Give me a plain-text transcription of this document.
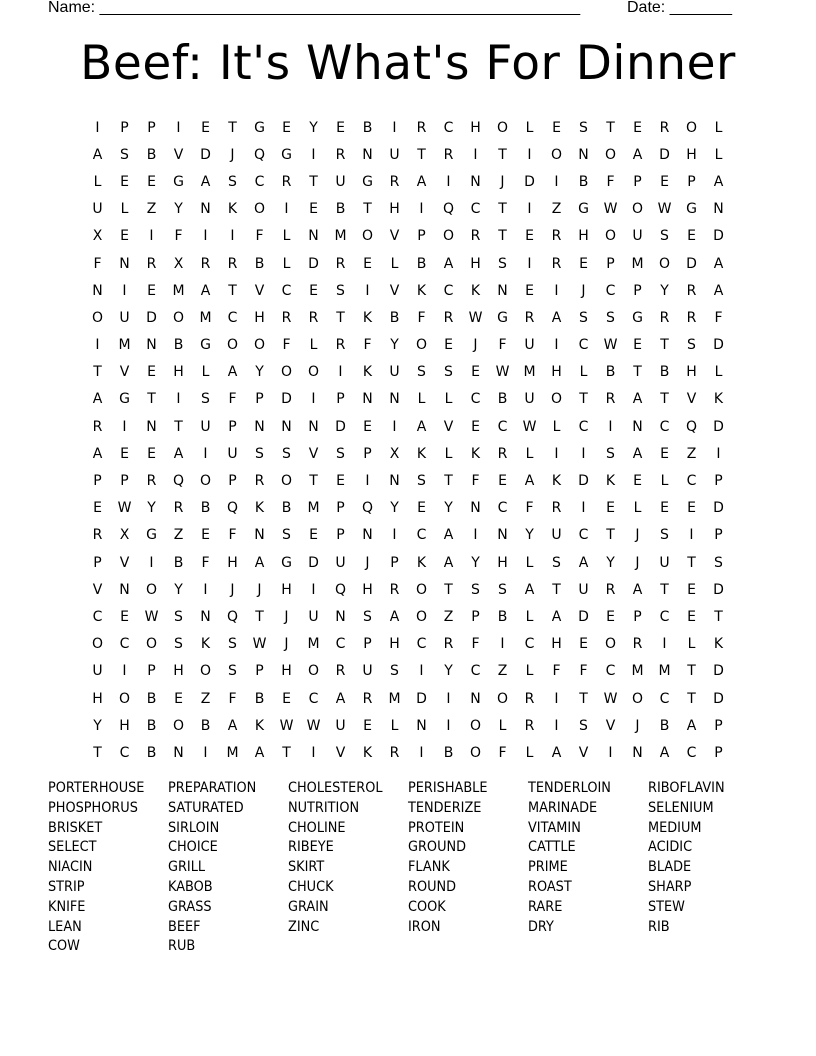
Name: ______________________________________________________	Date: _______
Beef: It's What's For Dinner
I	P	P	I	E	T	G	E	Y	E	B	I	R	C	H	O	L	E	S	T	E	R	O	L
A	S	B	V	D	J	Q	G	I	R	N	U	T	R	I	T	I	O	N	O	A	D	H	L
L	E	E	G	A	S	C	R	T	U	G	R	A	I	N	J	D	I	B	F	P	E	P	A
U	L	Z	Y	N	K	O	I	E	B	T	H	I	Q	C	T	I	Z	G	W	O	W	G	N
X	E	I	F	I	I	F	L	N	M	O	V	P	O	R	T	E	R	H	O	U	S	E	D
F	N	R	X	R	R	B	L	D	R	E	L	B	A	H	S	I	R	E	P	M	O	D	A
N	I	E	M	A	T	V	C	E	S	I	V	K	C	K	N	E	I	J	C	P	Y	R	A
O	U	D	O	M	C	H	R	R	T	K	B	F	R	W	G	R	A	S	S	G	R	R	F
I	M	N	B	G	O	O	F	L	R	F	Y	O	E	J	F	U	I	C	W	E	T	S	D
T	V	E	H	L	A	Y	O	O	I	K	U	S	S	E	W	M	H	L	B	T	B	H	L
A	G	T	I	S	F	P	D	I	P	N	N	L	L	C	B	U	O	T	R	A	T	V	K
R	I	N	T	U	P	N	N	N	D	E	I	A	V	E	C	W	L	C	I	N	C	Q	D
A	E	E	A	I	U	S	S	V	S	P	X	K	L	K	R	L	I	I	S	A	E	Z	I
P	P	R	Q	O	P	R	O	T	E	I	N	S	T	F	E	A	K	D	K	E	L	C	P
E	W	Y	R	B	Q	K	B	M	P	Q	Y	E	Y	N	C	F	R	I	E	L	E	E	D
R	X	G	Z	E	F	N	S	E	P	N	I	C	A	I	N	Y	U	C	T	J	S	I	P
P	V	I	B	F	H	A	G	D	U	J	P	K	A	Y	H	L	S	A	Y	J	U	T	S
V	N	O	Y	I	J	J	H	I	Q	H	R	O	T	S	S	A	T	U	R	A	T	E	D
C	E	W	S	N	Q	T	J	U	N	S	A	O	Z	P	B	L	A	D	E	P	C	E	T
O	C	O	S	K	S	W	J	M	C	P	H	C	R	F	I	C	H	E	O	R	I	L	K
U	I	P	H	O	S	P	H	O	R	U	S	I	Y	C	Z	L	F	F	C	M	M	T	D
H	O	B	E	Z	F	B	E	C	A	R	M	D	I	N	O	R	I	T	W	O	C	T	D
Y	H	B	O	B	A	K	W W	U	E	L	N	I	O	L	R	I	S	V	J	B	A	P
T	C	B	N	I	M	A	T	I	V	K	R	I	B	O	F	L	A	V	I	N	A	C	P
PORTERHOUSE	PREPARATION	CHOLESTEROL	PERISHABLE	TENDERLOIN	RIBOFLAVIN
PHOSPHORUS	SATURATED	NUTRITION	TENDERIZE	MARINADE	SELENIUM
BRISKET	SIRLOIN	CHOLINE	PROTEIN	VITAMIN	MEDIUM
SELECT	CHOICE	RIBEYE	GROUND	CATTLE	ACIDIC
NIACIN	GRILL	SKIRT	FLANK	PRIME	BLADE
STRIP	KABOB	CHUCK	ROUND	ROAST	SHARP
KNIFE	GRASS	GRAIN	COOK	RARE	STEW
LEAN	BEEF	ZINC	IRON	DRY	RIB
COW	RUB
